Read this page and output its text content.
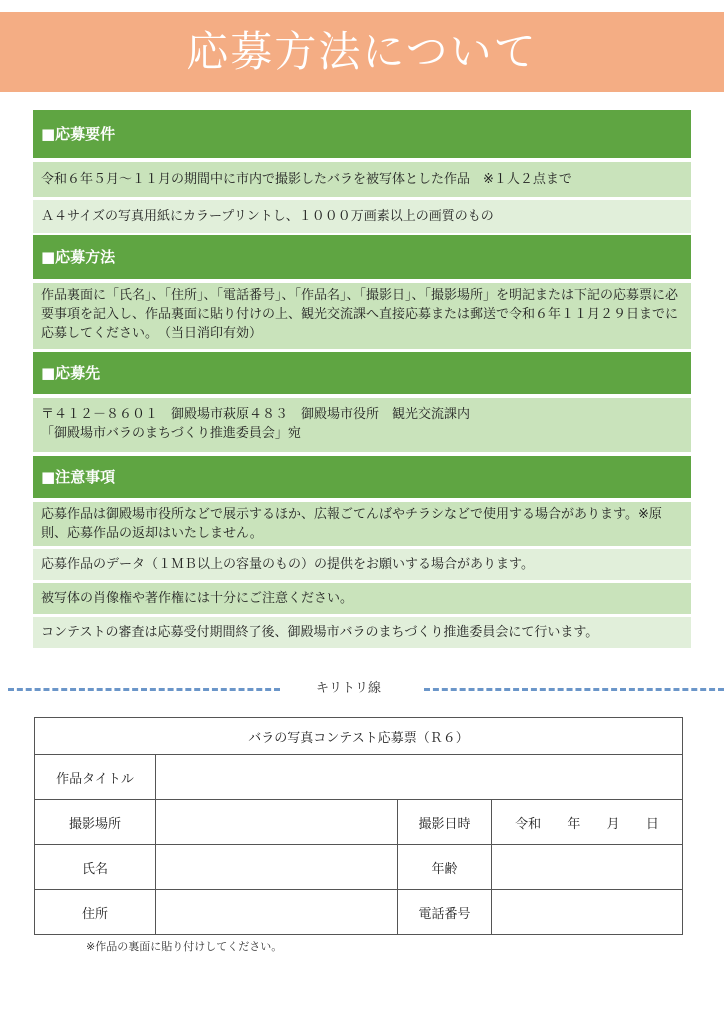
応募方法について
■応募要件
令和６年５月～１１月の期間中に市内で撮影したバラを被写体とした作品　※１人２点まで
Ａ４サイズの写真用紙にカラープリントし、１０００万画素以上の画質のもの
■応募方法
作品裏面に「氏名」、「住所」、「電話番号」、「作品名」、「撮影日」、「撮影場所」を明記または下記の応募票に必要事項を記入し、作品裏面に貼り付けの上、観光交流課へ直接応募または郵送で令和６年１１月２９日までに応募してください。　（当日消印有効）
■応募先
〒４１２－８６０１　御殿場市萩原４８３　御殿場市役所　観光交流課内
「御殿場市バラのまちづくり推進委員会」宛
■注意事項
応募作品は御殿場市役所などで展示するほか、広報ごてんばやチラシなどで使用する場合があります。※原則、応募作品の返却はいたしません。
応募作品のデータ（１ＭＢ以上の容量のもの）の提供をお願いする場合があります。
被写体の肖像権や著作権には十分にご注意ください。
コンテストの審査は応募受付期間終了後、御殿場市バラのまちづくり推進委員会にて行います。
キリトリ線
バラの写真コンテスト応募票（Ｒ６）			
作品タイトル			
撮影場所		撮影日時	令和 年 月 日

氏名		年齢	
住所		電話番号	
※作品の裏面に貼り付けしてください。
